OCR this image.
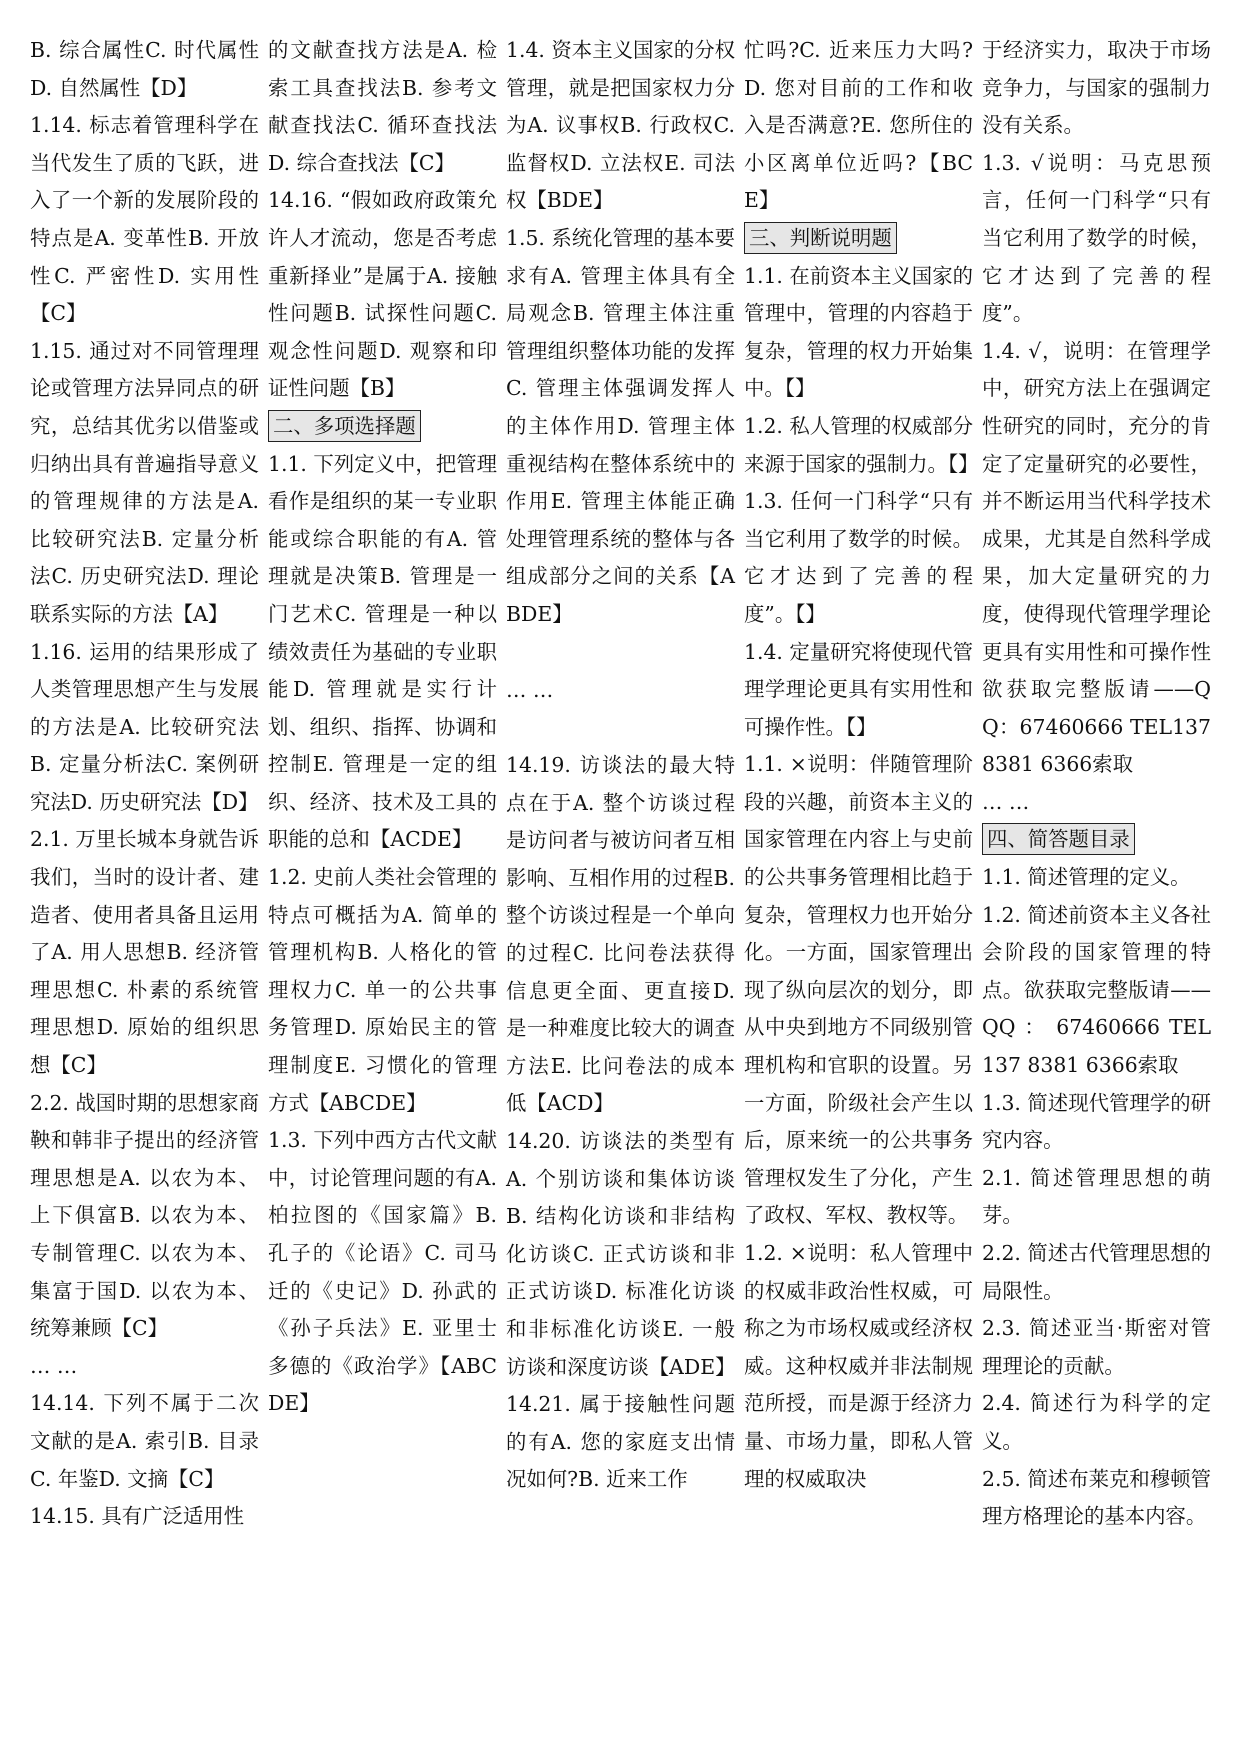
B. 综合属性C. 时代属性D. 自然属性【D】

1.14. 标志着管理科学在当代发生了质的飞跃，进入了一个新的发展阶段的特点是A. 变革性B. 开放性C. 严密性D. 实用性【C】

1.15. 通过对不同管理理论或管理方法异同点的研究，总结其优劣以借鉴或归纳出具有普遍指导意义的管理规律的方法是A. 比较研究法B. 定量分析法C. 历史研究法D. 理论联系实际的方法【A】

1.16. 运用的结果形成了人类管理思想产生与发展的方法是A. 比较研究法B. 定量分析法C. 案例研究法D. 历史研究法【D】

2.1. 万里长城本身就告诉我们，当时的设计者、建造者、使用者具备且运用了A. 用人思想B. 经济管理思想C. 朴素的系统管理思想D. 原始的组织思想【C】

2.2. 战国时期的思想家商鞅和韩非子提出的经济管理思想是A. 以农为本、上下俱富B. 以农为本、专制管理C. 以农为本、集富于国D. 以农为本、统筹兼顾【C】

… …

14.14. 下列不属于二次文献的是A. 索引B. 目录C. 年鉴D. 文摘【C】

14.15. 具有广泛适用性

的文献查找方法是A. 检索工具查找法B. 参考文献查找法C. 循环查找法D. 综合查找法【C】

14.16. “假如政府政策允许人才流动，您是否考虑重新择业”是属于A. 接触性问题B. 试探性问题C. 观念性问题D. 观察和印证性问题【B】

二、多项选择题

1.1. 下列定义中，把管理看作是组织的某一专业职能或综合职能的有A. 管理就是决策B. 管理是一门艺术C. 管理是一种以绩效责任为基础的专业职能D. 管理就是实行计划、组织、指挥、协调和控制E. 管理是一定的组织、经济、技术及工具的职能的总和【ACDE】

1.2. 史前人类社会管理的特点可概括为A. 简单的管理机构B. 人格化的管理权力C. 单一的公共事务管理D. 原始民主的管理制度E. 习惯化的管理方式【ABCDE】

1.3. 下列中西方古代文献中，讨论管理问题的有A. 柏拉图的《国家篇》B. 孔子的《论语》C. 司马迁的《史记》D. 孙武的《孙子兵法》E. 亚里士多德的《政治学》【ABCDE】

1.4. 资本主义国家的分权管理，就是把国家权力分为A. 议事权B. 行政权C. 监督权D. 立法权E. 司法权【BDE】

1.5. 系统化管理的基本要求有A. 管理主体具有全局观念B. 管理主体注重管理组织整体功能的发挥C. 管理主体强调发挥人的主体作用D. 管理主体重视结构在整体系统中的作用E. 管理主体能正确处理管理系统的整体与各组成部分之间的关系【ABDE】

… …

14.19. 访谈法的最大特点在于A. 整个访谈过程是访问者与被访问者互相影响、互相作用的过程B. 整个访谈过程是一个单向的过程C. 比问卷法获得信息更全面、更直接D. 是一种难度比较大的调查方法E. 比问卷法的成本低【ACD】

14.20. 访谈法的类型有A. 个别访谈和集体访谈B. 结构化访谈和非结构化访谈C. 正式访谈和非正式访谈D. 标准化访谈和非标准化访谈E. 一般访谈和深度访谈【ADE】

14.21. 属于接触性问题的有A. 您的家庭支出情况如何?B. 近来工作

忙吗?C. 近来压力大吗?D. 您对目前的工作和收入是否满意?E. 您所住的小区离单位近吗?【BCE】

三、判断说明题

1.1. 在前资本主义国家的管理中，管理的内容趋于复杂，管理的权力开始集中。【】

1.2. 私人管理的权威部分来源于国家的强制力。【】

1.3. 任何一门科学“只有当它利用了数学的时候。它才达到了完善的程度”。【】

1.4. 定量研究将使现代管理学理论更具有实用性和可操作性。【】

1.1. ×说明：伴随管理阶段的兴趣，前资本主义的国家管理在内容上与史前的公共事务管理相比趋于复杂，管理权力也开始分化。一方面，国家管理出现了纵向层次的划分，即从中央到地方不同级别管理机构和官职的设置。另一方面，阶级社会产生以后，原来统一的公共事务管理权发生了分化，产生了政权、军权、教权等。

1.2. ×说明：私人管理中的权威非政治性权威，可称之为市场权威或经济权威。这种权威并非法制规范所授，而是源于经济力量、市场力量，即私人管理的权威取决

于经济实力，取决于市场竞争力，与国家的强制力没有关系。

1.3. √说明：马克思预言，任何一门科学“只有当它利用了数学的时候，它才达到了完善的程度”。

1.4. √，说明：在管理学中，研究方法上在强调定性研究的同时，充分的肯定了定量研究的必要性，并不断运用当代科学技术成果，尤其是自然科学成果，加大定量研究的力度，使得现代管理学理论更具有实用性和可操作性欲获取完整版请——QQ：67460666 TEL137 8381 6366索取

… …

四、简答题目录

1.1. 简述管理的定义。

1.2. 简述前资本主义各社会阶段的国家管理的特点。欲获取完整版请——QQ ： 67460666 TEL137 8381 6366索取

1.3. 简述现代管理学的研究内容。

2.1. 简述管理思想的萌芽。

2.2. 简述古代管理思想的局限性。

2.3. 简述亚当·斯密对管理理论的贡献。

2.4. 简述行为科学的定义。

2.5. 简述布莱克和穆顿管理方格理论的基本内容。
